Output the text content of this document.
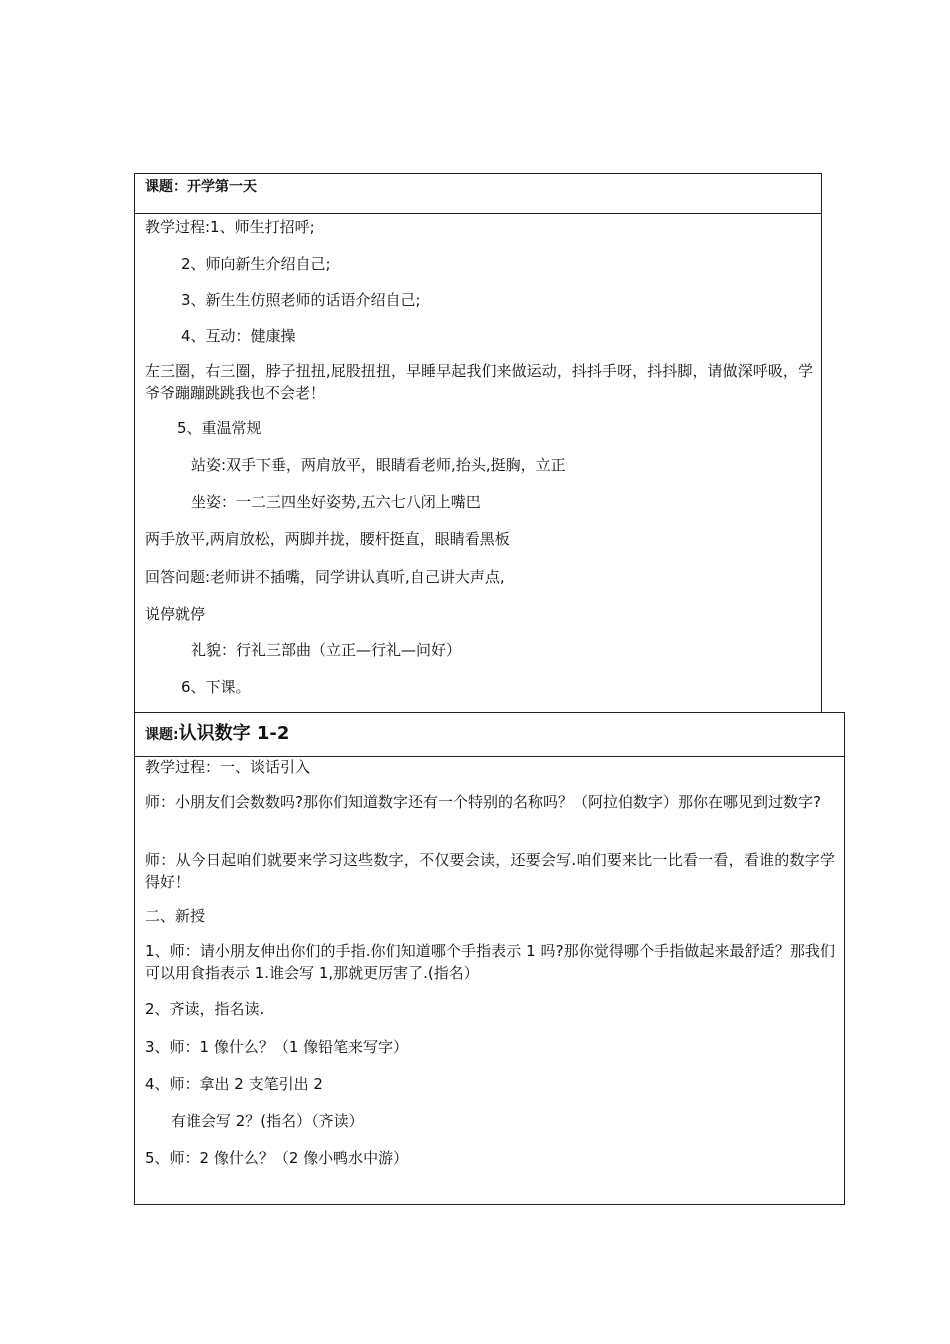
课题：开学第一天
教学过程:1、师生打招呼;
2、师向新生介绍自己;
3、新生生仿照老师的话语介绍自己;
4、互动：健康操
左三圈，右三圈，脖子扭扭,屁股扭扭，早睡早起我们来做运动，抖抖手呀，抖抖脚，请做深呼吸，学爷爷蹦蹦跳跳我也不会老！
5、重温常规
站姿:双手下垂，两肩放平，眼睛看老师,抬头,挺胸，立正
坐姿：一二三四坐好姿势,五六七八闭上嘴巴
两手放平,两肩放松，两脚并拢，腰杆挺直，眼睛看黑板
回答问题:老师讲不插嘴，同学讲认真听,自己讲大声点,
说停就停
礼貌：行礼三部曲（立正—行礼—问好）
6、下课。
课题:认识数字 1-2
教学过程：一、谈话引入
师：小朋友们会数数吗?那你们知道数字还有一个特别的名称吗？（阿拉伯数字）那你在哪见到过数字?
师：从今日起咱们就要来学习这些数字，不仅要会读，还要会写.咱们要来比一比看一看，看谁的数字学得好！
二、新授
1、师：请小朋友伸出你们的手指.你们知道哪个手指表示 1 吗?那你觉得哪个手指做起来最舒适？那我们可以用食指表示 1.谁会写 1,那就更厉害了.(指名）
2、齐读，指名读.
3、师：1 像什么？（1 像铅笔来写字）
4、师：拿出 2 支笔引出 2
有谁会写 2？(指名）（齐读）
5、师：2 像什么？（2 像小鸭水中游）
